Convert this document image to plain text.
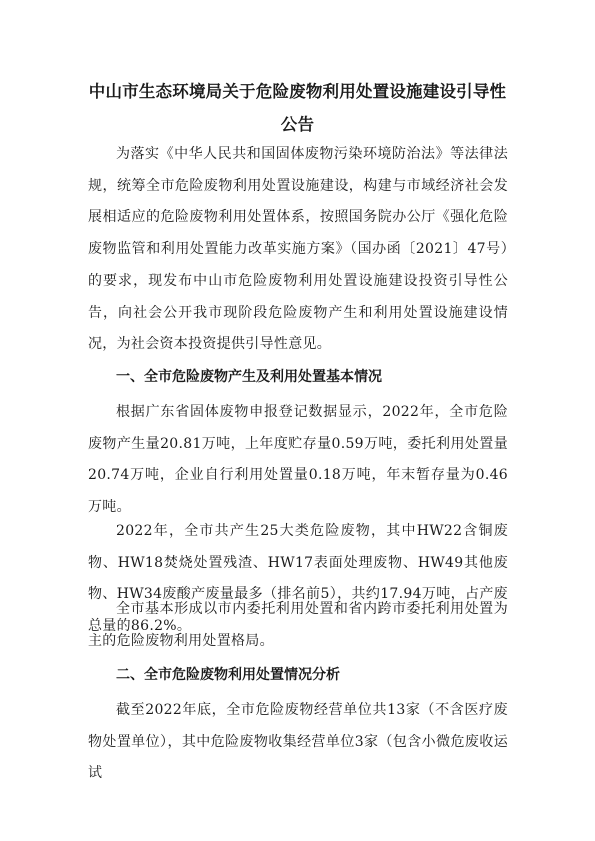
中山市生态环境局关于危险废物利用处置设施建设引导性
公告

为落实《中华人民共和国固体废物污染环境防治法》等法律法规，统筹全市危险废物利用处置设施建设，构建与市域经济社会发展相适应的危险废物利用处置体系，按照国务院办公厅《强化危险废物监管和利用处置能力改革实施方案》（国办函〔2021〕47号）的要求，现发布中山市危险废物利用处置设施建设投资引导性公告，向社会公开我市现阶段危险废物产生和利用处置设施建设情况，为社会资本投资提供引导性意见。

一、全市危险废物产生及利用处置基本情况

根据广东省固体废物申报登记数据显示，2022年，全市危险废物产生量20.81万吨，上年度贮存量0.59万吨，委托利用处置量20.74万吨，企业自行利用处置量0.18万吨，年末暂存量为0.46万吨。

2022年，全市共产生25大类危险废物，其中HW22含铜废物、HW18焚烧处置残渣、HW17表面处理废物、HW49其他废物、HW34废酸产废量最多（排名前5），共约17.94万吨，占产废总量的86.2%。

全市基本形成以市内委托利用处置和省内跨市委托利用处置为主的危险废物利用处置格局。

二、全市危险废物利用处置情况分析

截至2022年底，全市危险废物经营单位共13家（不含医疗废物处置单位），其中危险废物收集经营单位3家（包含小微危废收运试
